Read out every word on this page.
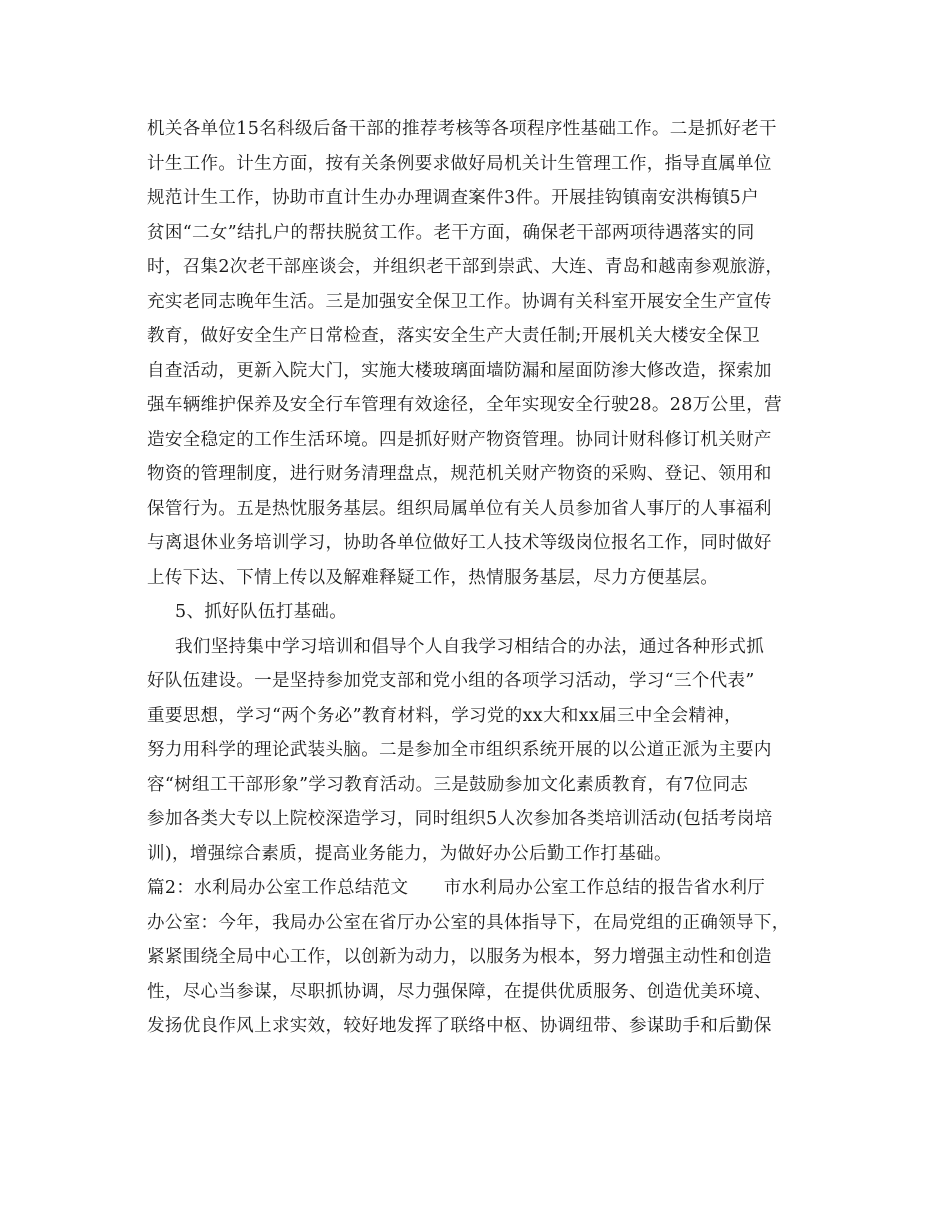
机关各单位15名科级后备干部的推荐考核等各项程序性基础工作。二是抓好老干
计生工作。计生方面，按有关条例要求做好局机关计生管理工作，指导直属单位
规范计生工作，协助市直计生办办理调查案件3件。开展挂钩镇南安洪梅镇5户
贫困“二女”结扎户的帮扶脱贫工作。老干方面，确保老干部两项待遇落实的同
时，召集2次老干部座谈会，并组织老干部到崇武、大连、青岛和越南参观旅游，
充实老同志晚年生活。三是加强安全保卫工作。协调有关科室开展安全生产宣传
教育，做好安全生产日常检查，落实安全生产大责任制;开展机关大楼安全保卫
自查活动，更新入院大门，实施大楼玻璃面墙防漏和屋面防渗大修改造，探索加
强车辆维护保养及安全行车管理有效途径，全年实现安全行驶28。28万公里，营
造安全稳定的工作生活环境。四是抓好财产物资管理。协同计财科修订机关财产
物资的管理制度，进行财务清理盘点，规范机关财产物资的采购、登记、领用和
保管行为。五是热忱服务基层。组织局属单位有关人员参加省人事厅的人事福利
与离退休业务培训学习，协助各单位做好工人技术等级岗位报名工作，同时做好
上传下达、下情上传以及解难释疑工作，热情服务基层，尽力方便基层。
5、抓好队伍打基础。
我们坚持集中学习培训和倡导个人自我学习相结合的办法，通过各种形式抓
好队伍建设。一是坚持参加党支部和党小组的各项学习活动，学习“三个代表”
重要思想，学习“两个务必”教育材料，学习党的xx大和xx届三中全会精神，
努力用科学的理论武装头脑。二是参加全市组织系统开展的以公道正派为主要内
容“树组工干部形象”学习教育活动。三是鼓励参加文化素质教育，有7位同志
参加各类大专以上院校深造学习，同时组织5人次参加各类培训活动(包括考岗培
训)，增强综合素质，提高业务能力，为做好办公后勤工作打基础。
篇2：水利局办公室工作总结范文      市水利局办公室工作总结的报告省水利厅
办公室：今年，我局办公室在省厅办公室的具体指导下，在局党组的正确领导下，
紧紧围绕全局中心工作，以创新为动力，以服务为根本，努力增强主动性和创造
性，尽心当参谋，尽职抓协调，尽力强保障，在提供优质服务、创造优美环境、
发扬优良作风上求实效，较好地发挥了联络中枢、协调纽带、参谋助手和后勤保
